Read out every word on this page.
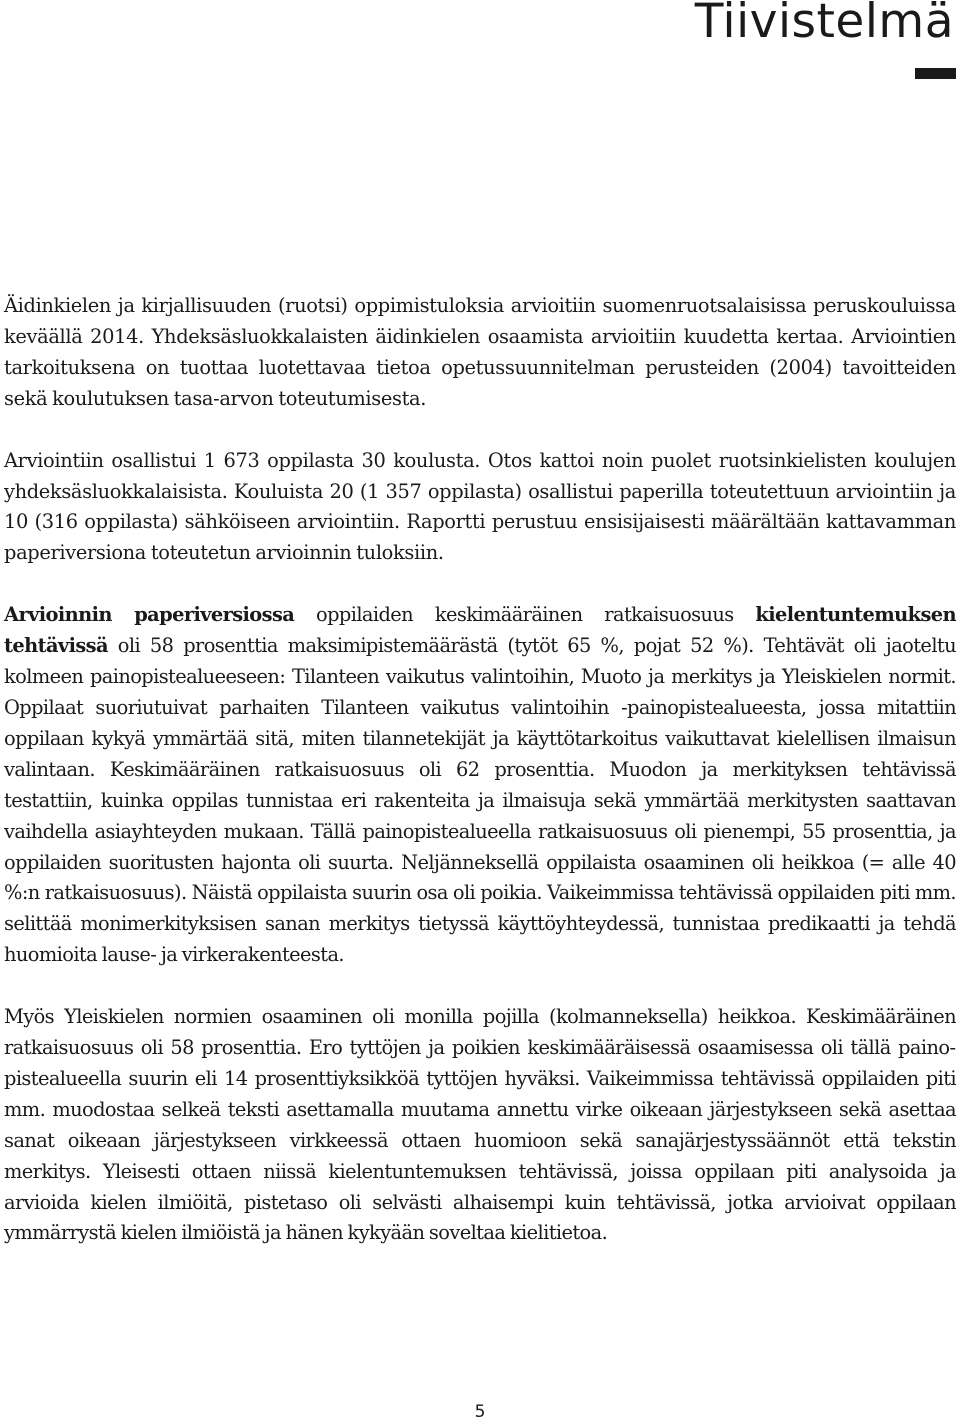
Tiivistelmä

Äidinkielen ja kirjallisuuden (ruotsi) oppimistuloksia arvioitiin suomenruotsalaisissa peruskouluissa keväällä 2014. Yhdeksäsluokkalaisten äidinkielen osaamista arvioitiin kuudetta kertaa. Arviointien tarkoituksena on tuottaa luotettavaa tietoa opetussuunnitelman perusteiden (2004) tavoitteiden sekä koulutuksen tasa-arvon toteutumisesta.

Arviointiin osallistui 1 673 oppilasta 30 koulusta. Otos kattoi noin puolet ruotsinkielisten koulujen yhdeksäsluokkalaisista. Kouluista 20 (1 357 oppilasta) osallistui paperilla toteutettuun arviointiin ja 10 (316 oppilasta) sähköiseen arviointiin. Raportti perustuu ensisijaisesti määrältään kattavamman paperiversiona toteutetun arvioinnin tuloksiin.

Arvioinnin paperiversiossa oppilaiden keskimääräinen ratkaisuosuus kielentuntemuksen tehtävissä oli 58 prosenttia maksimipistemäärästä (tytöt 65 %, pojat 52 %). Tehtävät oli jaoteltu kolmeen painopistealueeseen: Tilanteen vaikutus valintoihin, Muoto ja merkitys ja Yleiskielen normit. Oppilaat suoriutuivat parhaiten Tilanteen vaikutus valintoihin -painopistealueesta, jossa mitattiin oppilaan kykyä ymmärtää sitä, miten tilannetekijät ja käyttötarkoitus vaikuttavat kielellisen ilmaisun valintaan. Keskimääräinen ratkaisuosuus oli 62 prosenttia. Muodon ja merkityksen tehtävissä testattiin, kuinka oppilas tunnistaa eri rakenteita ja ilmaisuja sekä ymmärtää merkitysten saattavan vaihdella asiayhteyden mukaan. Tällä painopistealueella ratkaisuosuus oli pienempi, 55 prosenttia, ja oppilaiden suoritusten hajonta oli suurta. Neljänneksellä oppilaista osaaminen oli heikkoa (= alle 40 %:n ratkaisuosuus). Näistä oppilaista suurin osa oli poikia. Vaikeimmissa tehtävissä oppilaiden piti mm. selittää monimerkityksisen sanan merkitys tietyssä käyttöyhteydessä, tunnistaa predikaatti ja tehdä huomioita lause- ja virkerakenteesta.

Myös Yleiskielen normien osaaminen oli monilla pojilla (kolmanneksella) heikkoa. Keskimääräinen ratkaisuosuus oli 58 prosenttia. Ero tyttöjen ja poikien keskimääräisessä osaamisessa oli tällä painopistealueella suurin eli 14 prosenttiyksikköä tyttöjen hyväksi. Vaikeimmissa tehtävissä oppilaiden piti mm. muodostaa selkeä teksti asettamalla muutama annettu virke oikeaan järjestykseen sekä asettaa sanat oikeaan järjestykseen virkkeessä ottaen huomioon sekä sanajärjestyssäännöt että tekstin merkitys. Yleisesti ottaen niissä kielentuntemuksen tehtävissä, joissa oppilaan piti analysoida ja arvioida kielen ilmiöitä, pistetaso oli selvästi alhaisempi kuin tehtävissä, jotka arvioivat oppilaan ymmärrystä kielen ilmiöistä ja hänen kykyään soveltaa kielitietoa.

5
